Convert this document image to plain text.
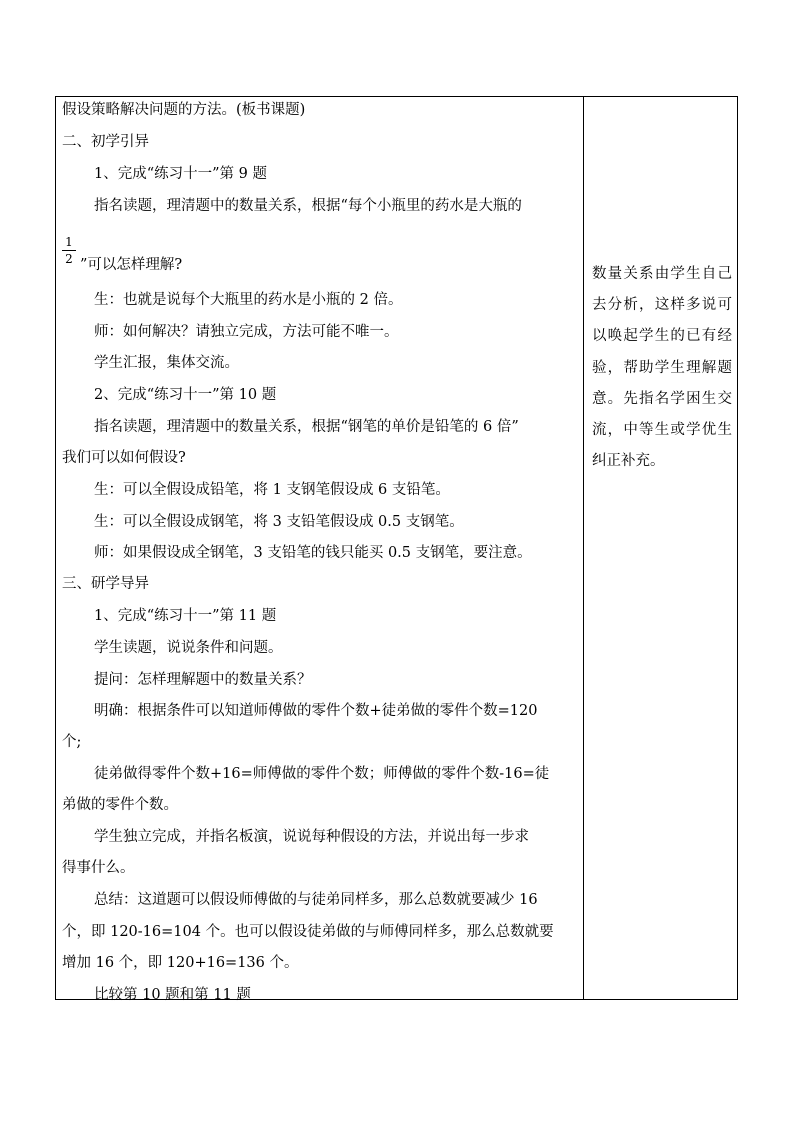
假设策略解决问题的方法。(板书课题)
二、初学引异
1、完成“练习十一”第 9 题
指名读题，理清题中的数量关系，根据“每个小瓶里的药水是大瓶的
$\frac{1}{2}$ ”可以怎样理解?
生：也就是说每个大瓶里的药水是小瓶的 2 倍。
师：如何解决？请独立完成，方法可能不唯一。
学生汇报，集体交流。
2、完成“练习十一”第 10 题
指名读题，理清题中的数量关系，根据“钢笔的单价是铅笔的 6 倍”
我们可以如何假设?
生：可以全假设成铅笔，将 1 支钢笔假设成 6 支铅笔。
生：可以全假设成钢笔，将 3 支铅笔假设成 0.5 支钢笔。
师：如果假设成全钢笔，3 支铅笔的钱只能买 0.5 支钢笔，要注意。
三、研学导异
1、完成“练习十一”第 11 题
学生读题，说说条件和问题。
提问：怎样理解题中的数量关系？
明确：根据条件可以知道师傅做的零件个数+徒弟做的零件个数=120
个;
徒弟做得零件个数+16=师傅做的零件个数；师傅做的零件个数-16=徒
弟做的零件个数。
学生独立完成，并指名板演，说说每种假设的方法，并说出每一步求
得事什么。
总结：这道题可以假设师傅做的与徒弟同样多，那么总数就要减少 16
个，即 120-16=104 个。也可以假设徒弟做的与师傅同样多，那么总数就要
增加 16 个，即 120+16=136 个。
比较第 10 题和第 11 题
数量关系由学生自己去分析，这样多说可以唤起学生的已有经验，帮助学生理解题意。先指名学困生交流，中等生或学优生纠正补充。
